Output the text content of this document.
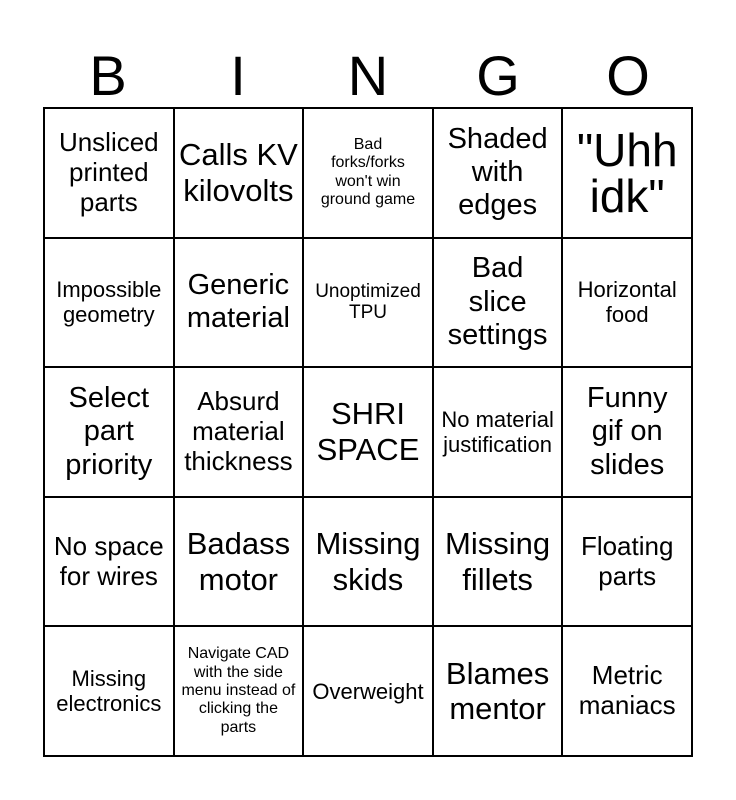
B	I	N	G	O
Unsliced printed parts
Calls KV kilovolts
Bad forks/forks won't win ground game
Shaded with edges
"Uhh idk"
Impossible geometry
Generic material
Unoptimized TPU
Bad slice settings
Horizontal food
Select part priority
Absurd material thickness
SHRI SPACE
No material justification
Funny gif on slides
No space for wires
Badass motor
Missing skids
Missing fillets
Floating parts
Missing electronics
Navigate CAD with the side menu instead of clicking the parts
Overweight
Blames mentor
Metric maniacs
